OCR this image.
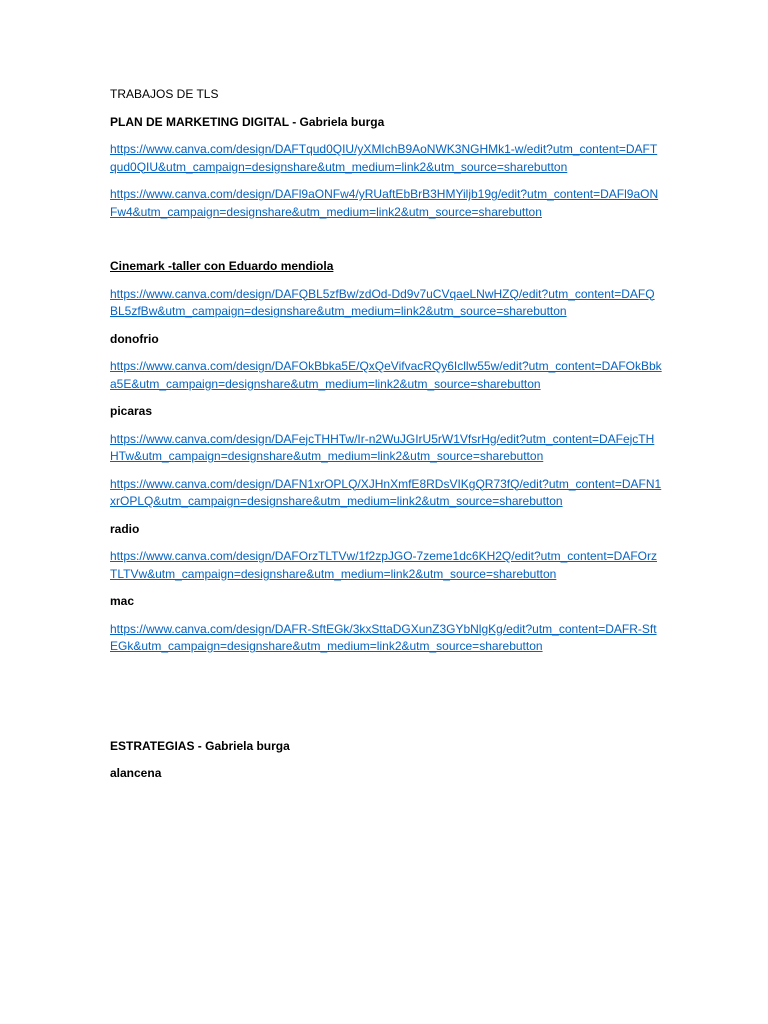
TRABAJOS DE TLS

PLAN DE MARKETING DIGITAL - Gabriela burga

https://www.canva.com/design/DAFTqud0QIU/yXMIchB9AoNWK3NGHMk1-w/edit?utm_content=DAFTqud0QIU&utm_campaign=designshare&utm_medium=link2&utm_source=sharebutton

https://www.canva.com/design/DAFl9aONFw4/yRUaftEbBrB3HMYiljb19g/edit?utm_content=DAFl9aONFw4&utm_campaign=designshare&utm_medium=link2&utm_source=sharebutton

Cinemark -taller con Eduardo mendiola

https://www.canva.com/design/DAFQBL5zfBw/zdOd-Dd9v7uCVqaeLNwHZQ/edit?utm_content=DAFQBL5zfBw&utm_campaign=designshare&utm_medium=link2&utm_source=sharebutton

donofrio

https://www.canva.com/design/DAFOkBbka5E/QxQeVifvacRQy6Icllw55w/edit?utm_content=DAFOkBbka5E&utm_campaign=designshare&utm_medium=link2&utm_source=sharebutton

picaras

https://www.canva.com/design/DAFejcTHHTw/Ir-n2WuJGIrU5rW1VfsrHg/edit?utm_content=DAFejcTHHTw&utm_campaign=designshare&utm_medium=link2&utm_source=sharebutton

https://www.canva.com/design/DAFN1xrOPLQ/XJHnXmfE8RDsVIKgQR73fQ/edit?utm_content=DAFN1xrOPLQ&utm_campaign=designshare&utm_medium=link2&utm_source=sharebutton

radio

https://www.canva.com/design/DAFOrzTLTVw/1f2zpJGO-7zeme1dc6KH2Q/edit?utm_content=DAFOrzTLTVw&utm_campaign=designshare&utm_medium=link2&utm_source=sharebutton

mac

https://www.canva.com/design/DAFR-SftEGk/3kxSttaDGXunZ3GYbNlgKg/edit?utm_content=DAFR-SftEGk&utm_campaign=designshare&utm_medium=link2&utm_source=sharebutton

ESTRATEGIAS - Gabriela burga

alancena
